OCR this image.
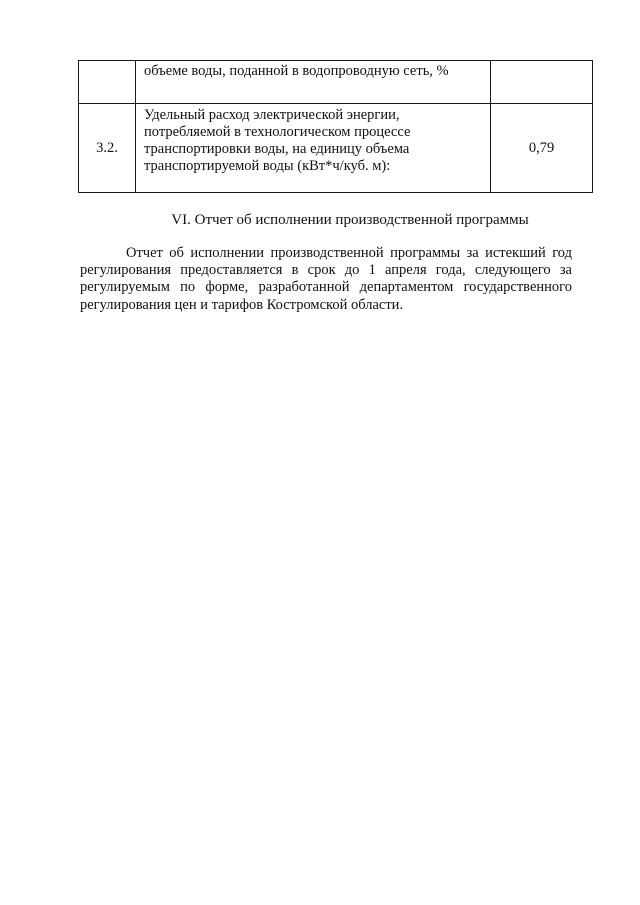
	объеме воды, поданной в водопроводную сеть, %	
3.2.	Удельный расход электрической энергии, потребляемой в технологическом процессе транспортировки воды, на единицу объема транспортируемой воды (кВт*ч/куб. м):	0,79
VI. Отчет об исполнении производственной программы

Отчет об исполнении производственной программы за истекший год регулирования предоставляется в срок до 1 апреля года, следующего за регулируемым по форме, разработанной департаментом государственного регулирования цен и тарифов Костромской области.
